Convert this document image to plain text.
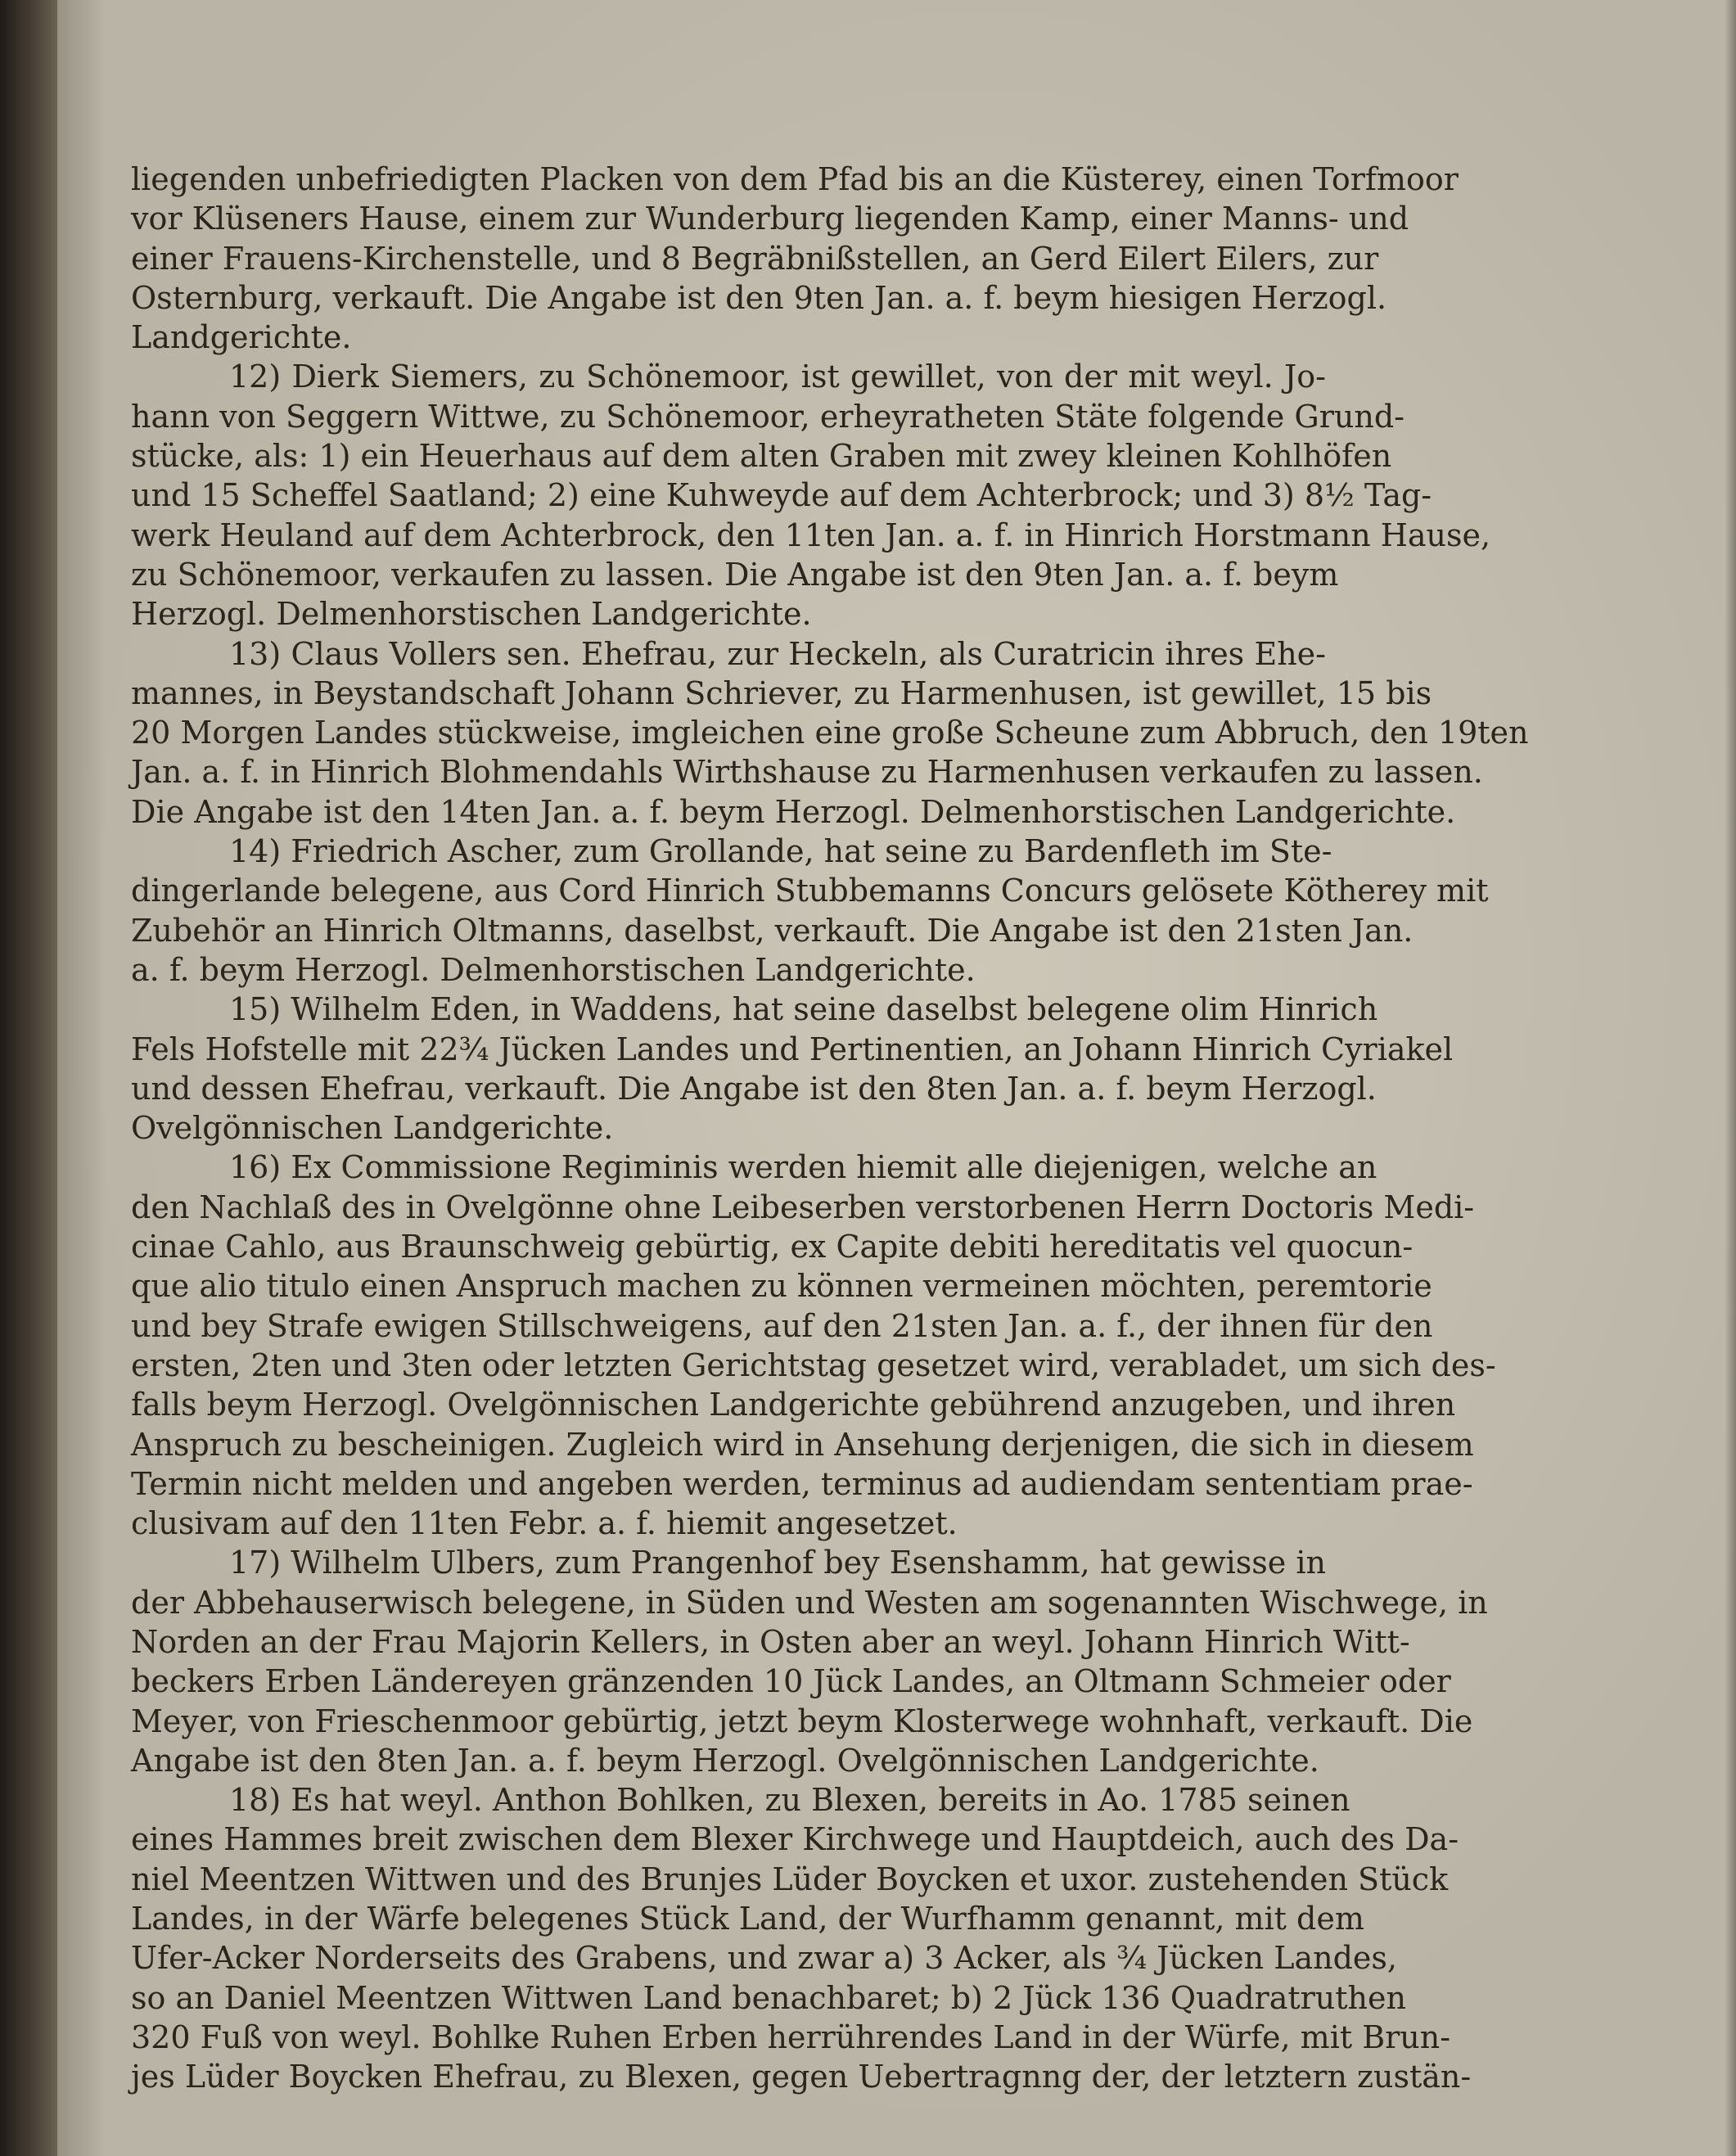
liegenden unbefriedigten Placken von dem Pfad bis an die Küsterey, einen Torfmoor
vor Klüseners Hause, einem zur Wunderburg liegenden Kamp, einer Manns- und
einer Frauens-Kirchenstelle, und 8 Begräbnißstellen, an Gerd Eilert Eilers, zur
Osternburg, verkauft. Die Angabe ist den 9ten Jan. a. f. beym hiesigen Herzogl.
Landgerichte.
12) Dierk Siemers, zu Schönemoor, ist gewillet, von der mit weyl. Jo-
hann von Seggern Wittwe, zu Schönemoor, erheyratheten Stäte folgende Grund-
stücke, als: 1) ein Heuerhaus auf dem alten Graben mit zwey kleinen Kohlhöfen
und 15 Scheffel Saatland; 2) eine Kuhweyde auf dem Achterbrock; und 3) 8½ Tag-
werk Heuland auf dem Achterbrock, den 11ten Jan. a. f. in Hinrich Horstmann Hause,
zu Schönemoor, verkaufen zu lassen. Die Angabe ist den 9ten Jan. a. f. beym
Herzogl. Delmenhorstischen Landgerichte.
13) Claus Vollers sen. Ehefrau, zur Heckeln, als Curatricin ihres Ehe-
mannes, in Beystandschaft Johann Schriever, zu Harmenhusen, ist gewillet, 15 bis
20 Morgen Landes stückweise, imgleichen eine große Scheune zum Abbruch, den 19ten
Jan. a. f. in Hinrich Blohmendahls Wirthshause zu Harmenhusen verkaufen zu lassen.
Die Angabe ist den 14ten Jan. a. f. beym Herzogl. Delmenhorstischen Landgerichte.
14) Friedrich Ascher, zum Grollande, hat seine zu Bardenfleth im Ste-
dingerlande belegene, aus Cord Hinrich Stubbemanns Concurs gelösete Kötherey mit
Zubehör an Hinrich Oltmanns, daselbst, verkauft. Die Angabe ist den 21sten Jan.
a. f. beym Herzogl. Delmenhorstischen Landgerichte.
15) Wilhelm Eden, in Waddens, hat seine daselbst belegene olim Hinrich
Fels Hofstelle mit 22¾ Jücken Landes und Pertinentien, an Johann Hinrich Cyriakel
und dessen Ehefrau, verkauft. Die Angabe ist den 8ten Jan. a. f. beym Herzogl.
Ovelgönnischen Landgerichte.
16) Ex Commissione Regiminis werden hiemit alle diejenigen, welche an
den Nachlaß des in Ovelgönne ohne Leibeserben verstorbenen Herrn Doctoris Medi-
cinae Cahlo, aus Braunschweig gebürtig, ex Capite debiti hereditatis vel quocun-
que alio titulo einen Anspruch machen zu können vermeinen möchten, peremtorie
und bey Strafe ewigen Stillschweigens, auf den 21sten Jan. a. f., der ihnen für den
ersten, 2ten und 3ten oder letzten Gerichtstag gesetzet wird, verabladet, um sich des-
falls beym Herzogl. Ovelgönnischen Landgerichte gebührend anzugeben, und ihren
Anspruch zu bescheinigen. Zugleich wird in Ansehung derjenigen, die sich in diesem
Termin nicht melden und angeben werden, terminus ad audiendam sententiam prae-
clusivam auf den 11ten Febr. a. f. hiemit angesetzet.
17) Wilhelm Ulbers, zum Prangenhof bey Esenshamm, hat gewisse in
der Abbehauserwisch belegene, in Süden und Westen am sogenannten Wischwege, in
Norden an der Frau Majorin Kellers, in Osten aber an weyl. Johann Hinrich Witt-
beckers Erben Ländereyen gränzenden 10 Jück Landes, an Oltmann Schmeier oder
Meyer, von Frieschenmoor gebürtig, jetzt beym Klosterwege wohnhaft, verkauft. Die
Angabe ist den 8ten Jan. a. f. beym Herzogl. Ovelgönnischen Landgerichte.
18) Es hat weyl. Anthon Bohlken, zu Blexen, bereits in Ao. 1785 seinen
eines Hammes breit zwischen dem Blexer Kirchwege und Hauptdeich, auch des Da-
niel Meentzen Wittwen und des Brunjes Lüder Boycken et uxor. zustehenden Stück
Landes, in der Wärfe belegenes Stück Land, der Wurfhamm genannt, mit dem
Ufer-Acker Norderseits des Grabens, und zwar a) 3 Acker, als ¾ Jücken Landes,
so an Daniel Meentzen Wittwen Land benachbaret; b) 2 Jück 136 Quadratruthen
320 Fuß von weyl. Bohlke Ruhen Erben herrührendes Land in der Würfe, mit Brun-
jes Lüder Boycken Ehefrau, zu Blexen, gegen Uebertragnng der, der letztern zustän-
